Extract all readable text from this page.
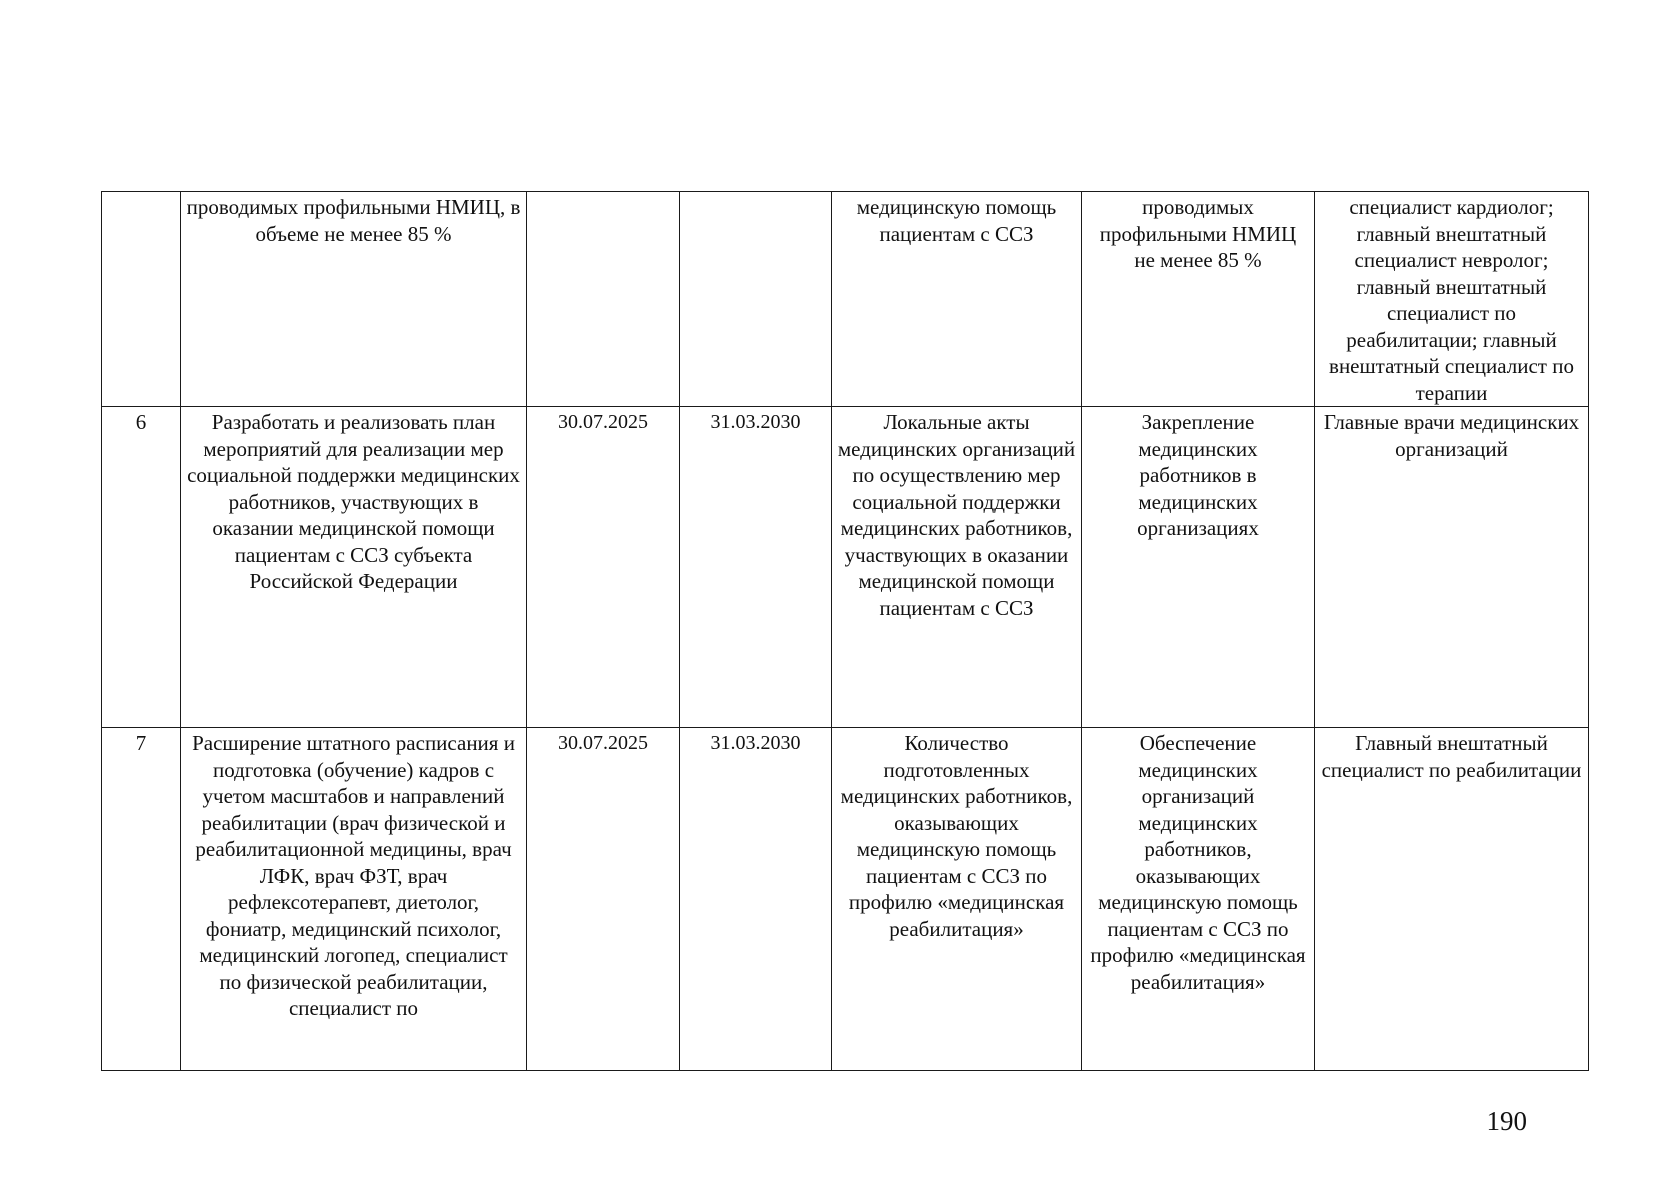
	проводимых профильными НМИЦ, в объеме не менее 85 %			медицинскую помощь пациентам с ССЗ	проводимых профильными НМИЦ не менее 85 %	специалист кардиолог; главный внештатный специалист невролог; главный внештатный специалист по реабилитации; главный внештатный специалист по терапии
6	Разработать и реализовать план мероприятий для реализации мер социальной поддержки медицинских работников, участвующих в оказании медицинской помощи пациентам с ССЗ субъекта Российской Федерации	30.07.2025	31.03.2030	Локальные акты медицинских организаций по осуществлению мер социальной поддержки медицинских работников, участвующих в оказании медицинской помощи пациентам с ССЗ	Закрепление медицинских работников в медицинских организациях	Главные врачи медицинских организаций
7	Расширение штатного расписания и подготовка (обучение) кадров с учетом масштабов и направлений реабилитации (врач физической и реабилитационной медицины, врач ЛФК, врач ФЗТ, врач рефлексотерапевт, диетолог, фониатр, медицинский психолог, медицинский логопед, специалист по физической реабилитации, специалист по	30.07.2025	31.03.2030	Количество подготовленных медицинских работников, оказывающих медицинскую помощь пациентам с ССЗ по профилю «медицинская реабилитация»	Обеспечение медицинских организаций медицинских работников, оказывающих медицинскую помощь пациентам с ССЗ по профилю «медицинская реабилитация»	Главный внештатный специалист по реабилитации
190
